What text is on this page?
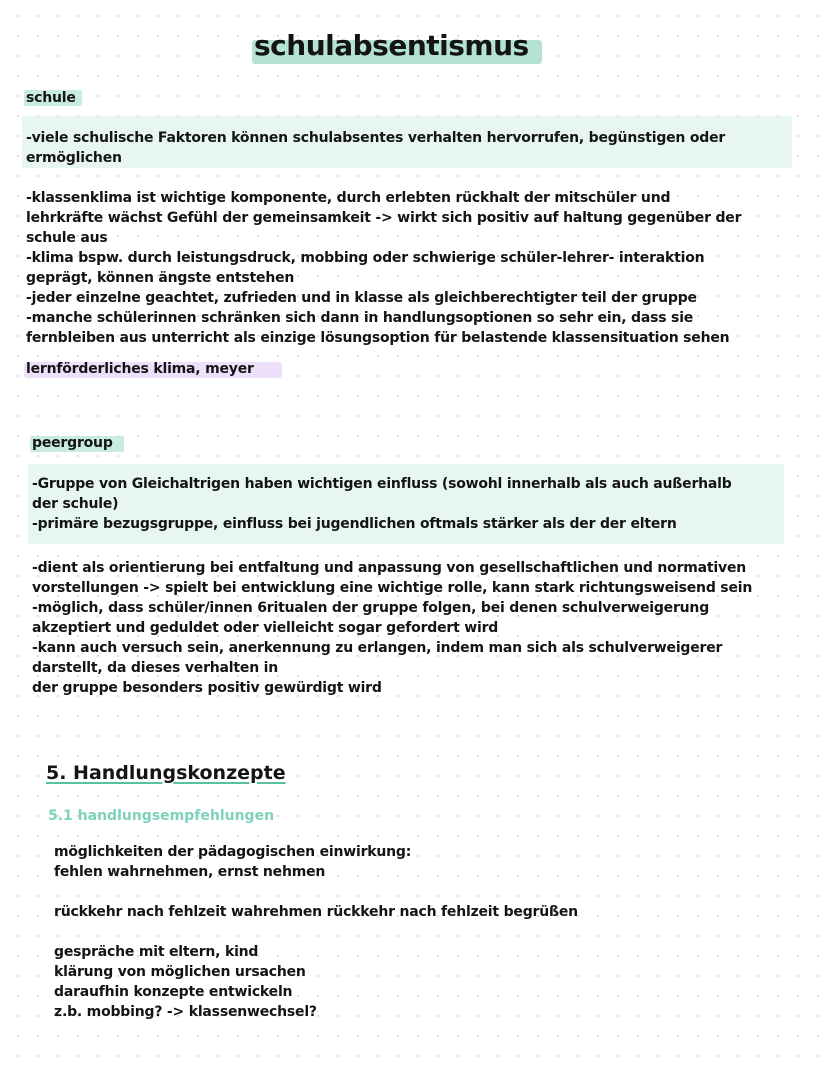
schulabsentismus
schule
-viele schulische Faktoren können schulabsentes verhalten hervorrufen, begünstigen oder
ermöglichen
-klassenklima ist wichtige komponente, durch erlebten rückhalt der mitschüler und
lehrkräfte wächst Gefühl der gemeinsamkeit -> wirkt sich positiv auf haltung gegenüber der
schule aus
-klima bspw. durch leistungsdruck, mobbing oder schwierige schüler-lehrer- interaktion
geprägt, können ängste entstehen
-jeder einzelne geachtet, zufrieden und in klasse als gleichberechtigter teil der gruppe
-manche schülerinnen schränken sich dann in handlungsoptionen so sehr ein, dass sie
fernbleiben aus unterricht als einzige lösungsoption für belastende klassensituation sehen
lernförderliches klima, meyer
peergroup
-Gruppe von Gleichaltrigen haben wichtigen einfluss (sowohl innerhalb als auch außerhalb
der schule)
-primäre bezugsgruppe, einfluss bei jugendlichen oftmals stärker als der der eltern
-dient als orientierung bei entfaltung und anpassung von gesellschaftlichen und normativen
vorstellungen -> spielt bei entwicklung eine wichtige rolle, kann stark richtungsweisend sein
-möglich, dass schüler/innen 6ritualen der gruppe folgen, bei denen schulverweigerung
akzeptiert und geduldet oder vielleicht sogar gefordert wird
-kann auch versuch sein, anerkennung zu erlangen, indem man sich als schulverweigerer
darstellt, da dieses verhalten in
der gruppe besonders positiv gewürdigt wird
5. Handlungskonzepte
5.1 handlungsempfehlungen
möglichkeiten der pädagogischen einwirkung:
fehlen wahrnehmen, ernst nehmen
rückkehr nach fehlzeit wahrehmen rückkehr nach fehlzeit begrüßen
gespräche mit eltern, kind
klärung von möglichen ursachen
daraufhin konzepte entwickeln
z.b. mobbing? -> klassenwechsel?
